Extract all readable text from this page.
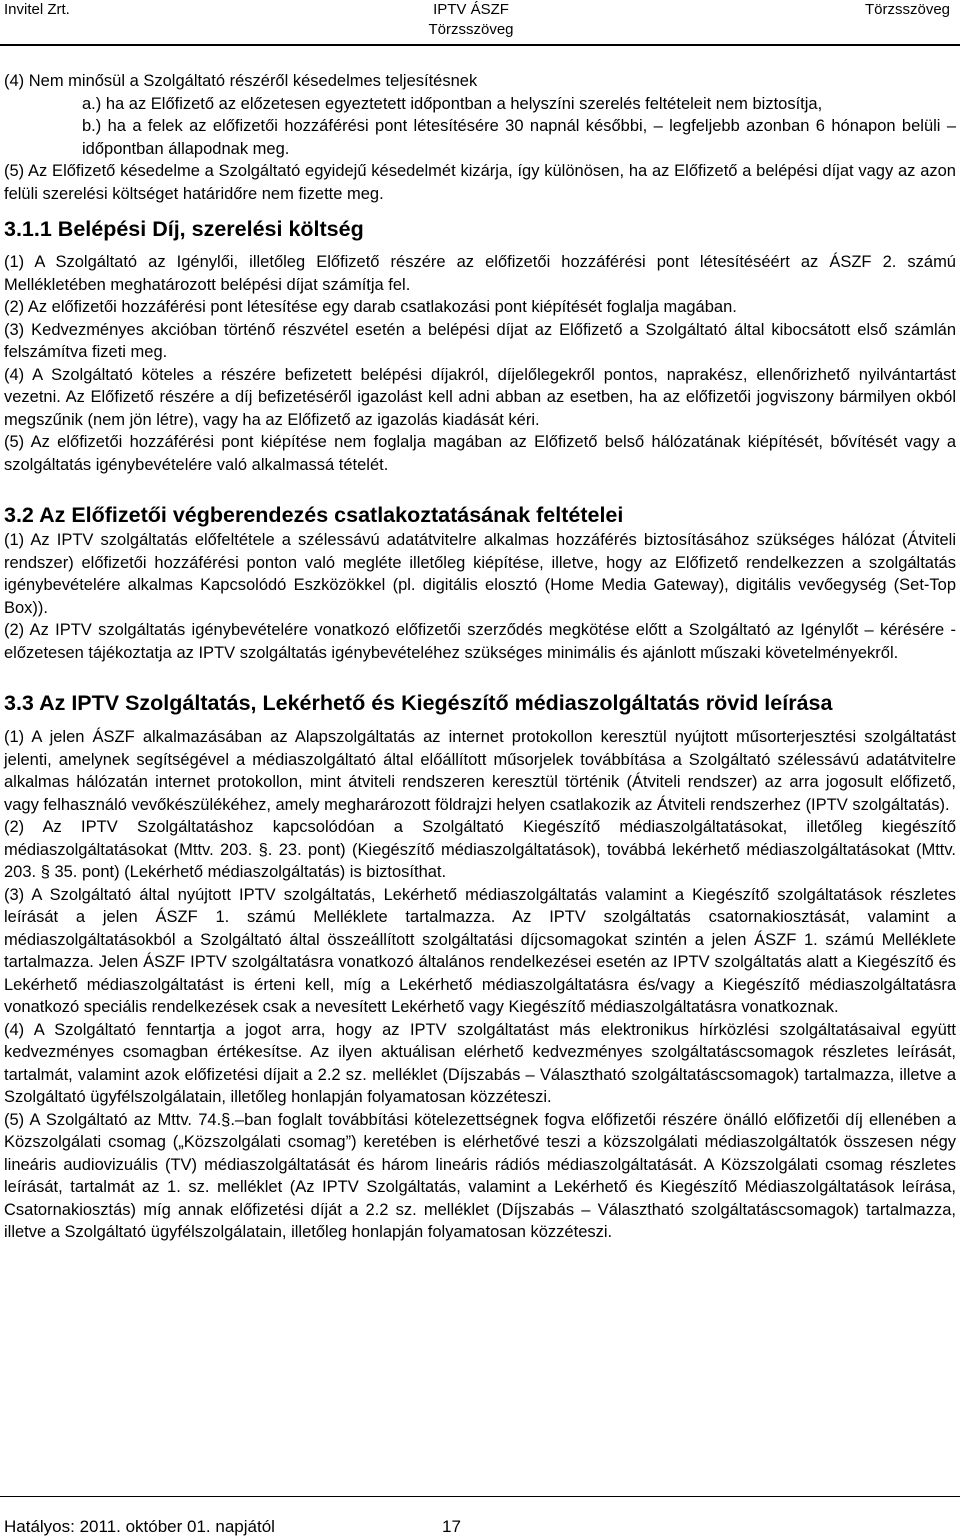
Invitel Zrt.	IPTV ÁSZF
Törzsszöveg
Törzsszöveg

(4) Nem minősül a Szolgáltató részéről késedelmes teljesítésnek

a.) ha az Előfizető az előzetesen egyeztetett időpontban a helyszíni szerelés feltételeit nem biztosítja,

b.) ha a felek az előfizetői hozzáférési pont létesítésére 30 napnál későbbi, – legfeljebb azonban 6 hónapon belüli – időpontban állapodnak meg.

(5) Az Előfizető késedelme a Szolgáltató egyidejű késedelmét kizárja, így különösen, ha az Előfizető a belépési díjat vagy az azon felüli szerelési költséget határidőre nem fizette meg.

3.1.1 Belépési Díj, szerelési költség

(1) A Szolgáltató az Igénylői, illetőleg Előfizető részére az előfizetői hozzáférési pont létesítéséért az ÁSZF 2. számú Mellékletében meghatározott belépési díjat számítja fel.

(2) Az előfizetői hozzáférési pont létesítése egy darab csatlakozási pont kiépítését foglalja magában.

(3) Kedvezményes akcióban történő részvétel esetén a belépési díjat az Előfizető a Szolgáltató által kibocsátott első számlán felszámítva fizeti meg.

(4) A Szolgáltató köteles a részére befizetett belépési díjakról, díjelőlegekről pontos, naprakész, ellenőrizhető nyilvántartást vezetni. Az Előfizető részére a díj befizetéséről igazolást kell adni abban az esetben, ha az előfizetői jogviszony bármilyen okból megszűnik (nem jön létre), vagy ha az Előfizető az igazolás kiadását kéri.

(5) Az előfizetői hozzáférési pont kiépítése nem foglalja magában az Előfizető belső hálózatának kiépítését, bővítését vagy a szolgáltatás igénybevételére való alkalmassá tételét.

3.2 Az Előfizetői végberendezés csatlakoztatásának feltételei

(1) Az IPTV szolgáltatás előfeltétele a szélessávú adatátvitelre alkalmas hozzáférés biztosításához szükséges hálózat (Átviteli rendszer) előfizetői hozzáférési ponton való megléte illetőleg kiépítése, illetve, hogy az Előfizető rendelkezzen a szolgáltatás igénybevételére alkalmas Kapcsolódó Eszközökkel (pl. digitális elosztó (Home Media Gateway), digitális vevőegység (Set-Top Box)).

(2) Az IPTV szolgáltatás igénybevételére vonatkozó előfizetői szerződés megkötése előtt a Szolgáltató az Igénylőt – kérésére - előzetesen tájékoztatja az IPTV szolgáltatás igénybevételéhez szükséges minimális és ajánlott műszaki követelményekről.

3.3 Az IPTV Szolgáltatás, Lekérhető és Kiegészítő médiaszolgáltatás rövid leírása

(1) A jelen ÁSZF alkalmazásában az Alapszolgáltatás az internet protokollon keresztül nyújtott műsorterjesztési szolgáltatást jelenti, amelynek segítségével a médiaszolgáltató által előállított műsorjelek továbbítása a Szolgáltató szélessávú adatátvitelre alkalmas hálózatán internet protokollon, mint átviteli rendszeren keresztül történik (Átviteli rendszer) az arra jogosult előfizető, vagy felhasználó vevőkészülékéhez, amely megharározott földrajzi helyen csatlakozik az Átviteli rendszerhez (IPTV szolgáltatás).

(2) Az IPTV Szolgáltatáshoz kapcsolódóan a Szolgáltató Kiegészítő médiaszolgáltatásokat, illetőleg kiegészítő médiaszolgáltatásokat (Mttv. 203. §. 23. pont) (Kiegészítő médiaszolgáltatások), továbbá lekérhető médiaszolgáltatásokat (Mttv. 203. § 35. pont) (Lekérhető médiaszolgáltatás) is biztosíthat.

(3) A Szolgáltató által nyújtott IPTV szolgáltatás, Lekérhető médiaszolgáltatás valamint a Kiegészítő szolgáltatások részletes leírását a jelen ÁSZF 1. számú Melléklete tartalmazza. Az IPTV szolgáltatás csatornakiosztását, valamint a médiaszolgáltatásokból a Szolgáltató által összeállított szolgáltatási díjcsomagokat szintén a jelen ÁSZF 1. számú Melléklete tartalmazza. Jelen ÁSZF IPTV szolgáltatásra vonatkozó általános rendelkezései esetén az IPTV szolgáltatás alatt a Kiegészítő és Lekérhető médiaszolgáltatást is érteni kell, míg a Lekérhető médiaszolgáltatásra és/vagy a Kiegészítő médiaszolgáltatásra vonatkozó speciális rendelkezések csak a nevesített Lekérhető vagy Kiegészítő médiaszolgáltatásra vonatkoznak.

(4) A Szolgáltató fenntartja a jogot arra, hogy az IPTV szolgáltatást más elektronikus hírközlési szolgáltatásaival együtt kedvezményes csomagban értékesítse. Az ilyen aktuálisan elérhető kedvezményes szolgáltatáscsomagok részletes leírását, tartalmát, valamint azok előfizetési díjait a 2.2 sz. melléklet (Díjszabás – Választható szolgáltatáscsomagok) tartalmazza, illetve a Szolgáltató ügyfélszolgálatain, illetőleg honlapján folyamatosan közzéteszi.

(5) A Szolgáltató az Mttv. 74.§.–ban foglalt továbbítási kötelezettségnek fogva előfizetői részére önálló előfizetői díj ellenében a Közszolgálati csomag („Közszolgálati csomag”) keretében is elérhetővé teszi a közszolgálati médiaszolgáltatók összesen négy lineáris audiovizuális (TV) médiaszolgáltatását és három lineáris rádiós médiaszolgáltatását. A Közszolgálati csomag részletes leírását, tartalmát az 1. sz. melléklet (Az IPTV Szolgáltatás, valamint a Lekérhető és Kiegészítő Médiaszolgáltatások leírása, Csatornakiosztás) míg annak előfizetési díját a 2.2 sz. melléklet (Díjszabás – Választható szolgáltatáscsomagok) tartalmazza, illetve a Szolgáltató ügyfélszolgálatain, illetőleg honlapján folyamatosan közzéteszi.

Hatályos: 2011. október 01. napjától	17
